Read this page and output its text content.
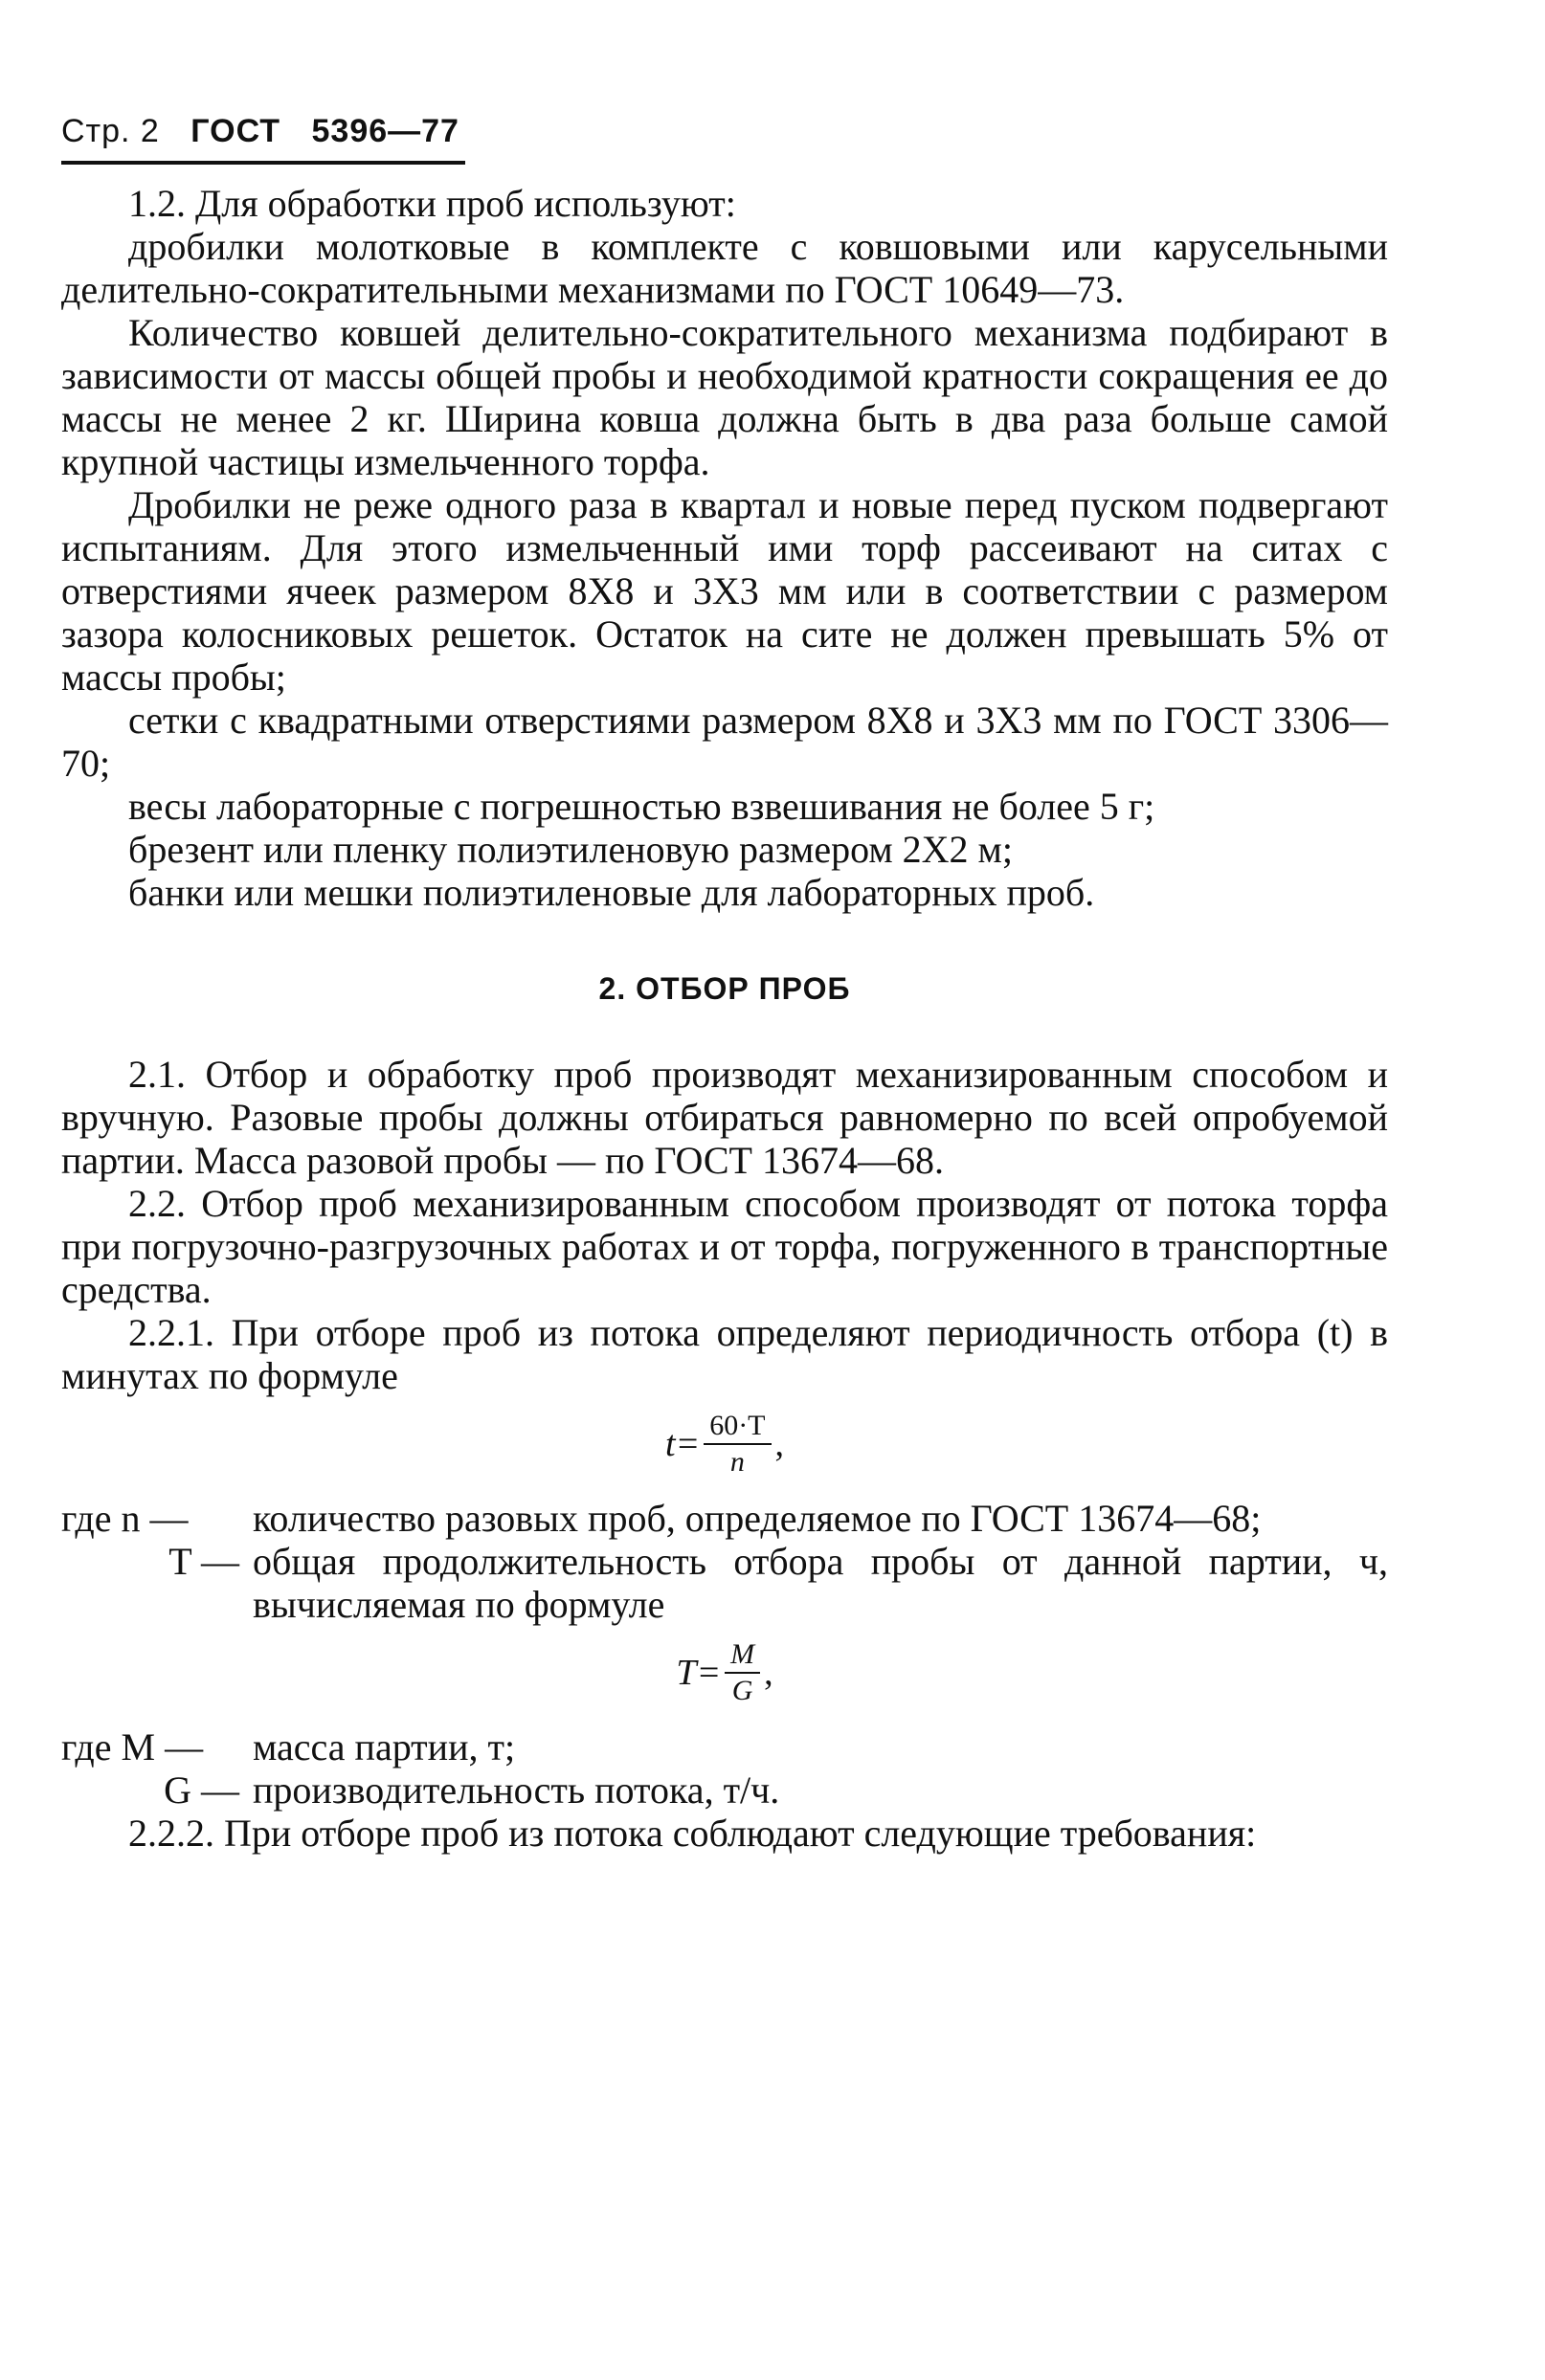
Стр. 2 ГОСТ 5396—77

1.2. Для обработки проб используют:

дробилки молотковые в комплекте с ковшовыми или карусельными делительно-сократительными механизмами по ГОСТ 10649—73.

Количество ковшей делительно-сократительного механизма подбирают в зависимости от массы общей пробы и необходимой кратности сокращения ее до массы не менее 2 кг. Ширина ковша должна быть в два раза больше самой крупной частицы измельченного торфа.

Дробилки не реже одного раза в квартал и новые перед пуском подвергают испытаниям. Для этого измельченный ими торф рассеивают на ситах с отверстиями ячеек размером 8Х8 и 3Х3 мм или в соответствии с размером зазора колосниковых решеток. Остаток на сите не должен превышать 5% от массы пробы;

сетки с квадратными отверстиями размером 8Х8 и 3Х3 мм по ГОСТ 3306—70;

весы лабораторные с погрешностью взвешивания не более 5 г;

брезент или пленку полиэтиленовую размером 2Х2 м;

банки или мешки полиэтиленовые для лабораторных проб.

2. ОТБОР ПРОБ

2.1. Отбор и обработку проб производят механизированным способом и вручную. Разовые пробы должны отбираться равномерно по всей опробуемой партии. Масса разовой пробы — по ГОСТ 13674—68.

2.2. Отбор проб механизированным способом производят от потока торфа при погрузочно-разгрузочных работах и от торфа, погруженного в транспортные средства.

2.2.1. При отборе проб из потока определяют периодичность отбора (t) в минутах по формуле

$t= \frac{60\cdot T}{n}$ ,
где n —	количество разовых проб, определяемое по ГОСТ 13674—68;
T — общая продолжительность отбора пробы от данной партии, ч, вычисляемая по формуле
$T= \frac{M}{G}$ ,
где M —	масса партии, т;
G — производительность потока, т/ч.

2.2.2. При отборе проб из потока соблюдают следующие требования:
